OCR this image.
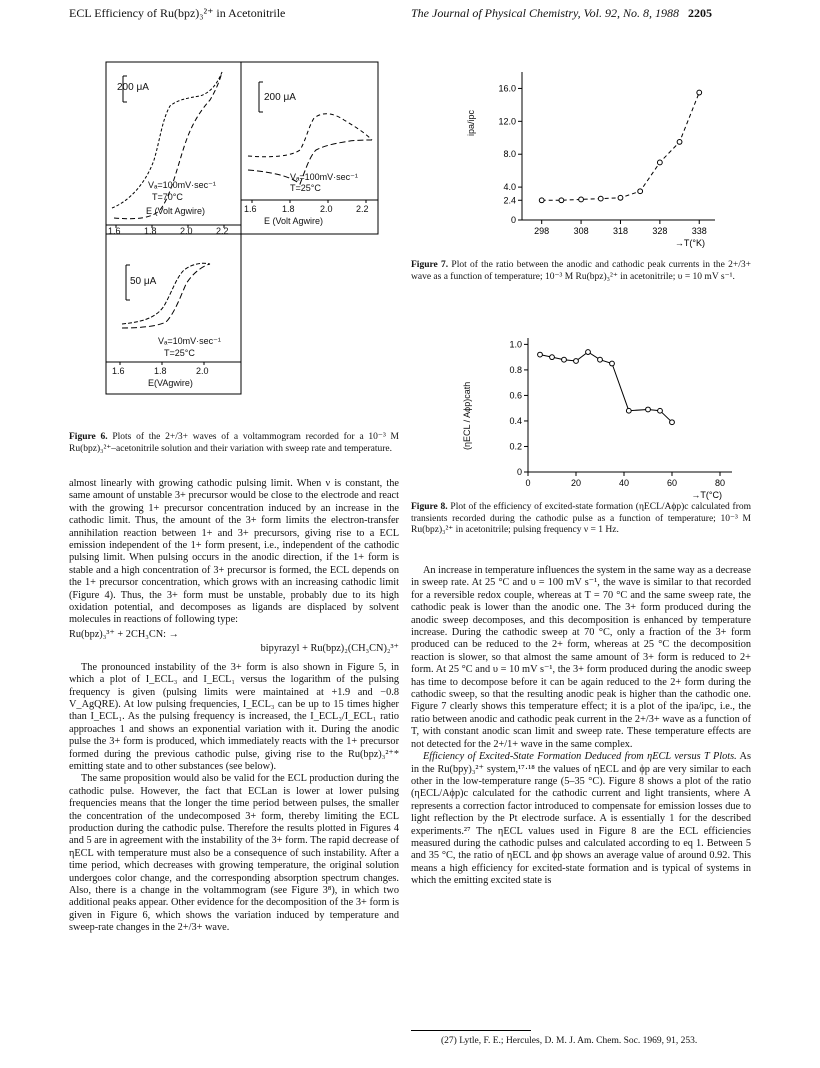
ECL Efficiency of Ru(bpz)₃²⁺ in Acetonitrile	The Journal of Physical Chemistry, Vol. 92, No. 8, 1988 2205
200 μA
Vₐ=100mV·sec⁻¹
T=70°C
E (Volt Agwire)
1.6	1.8	2.0	2.2
200 μA
Vₐ=100mV·sec⁻¹
T=25°C
1.6	1.8	2.0	2.2
E (Volt Agwire)
50 μA
Vₐ=10mV·sec⁻¹
T=25°C
1.6	1.8	2.0
E(VAgwire)
Figure 6. Plots of the 2+/3+ waves of a voltammogram recorded for a 10⁻³ M Ru(bpz)₃²⁺–acetonitrile solution and their variation with sweep rate and temperature.

almost linearly with growing cathodic pulsing limit. When ν is constant, the same amount of unstable 3+ precursor would be close to the electrode and react with the growing 1+ precursor concentration induced by an increase in the cathodic limit. Thus, the amount of the 3+ form limits the electron-transfer annihilation reaction between 1+ and 3+ precursors, giving rise to a ECL emission independent of the 1+ form present, i.e., independent of the cathodic pulsing limit. When pulsing occurs in the anodic direction, if the 1+ form is stable and a high concentration of 3+ precursor is formed, the ECL depends on the 1+ precursor concentration, which grows with an increasing cathodic limit (Figure 4). Thus, the 3+ form must be unstable, probably due to its high oxidation potential, and decomposes as ligands are displaced by solvent molecules in reactions of following type:

Ru(bpz)₃³⁺ + 2CH₃CN: →
bipyrazyl + Ru(bpz)₂(CH₃CN)₂³⁺

The pronounced instability of the 3+ form is also shown in Figure 5, in which a plot of I_ECL₃ and I_ECL₁ versus the logarithm of the pulsing frequency is given (pulsing limits were maintained at +1.9 and −0.8 V_AgQRE). At low pulsing frequencies, I_ECL₃ can be up to 15 times higher than I_ECL₁. As the pulsing frequency is increased, the I_ECL₃/I_ECL₁ ratio approaches 1 and shows an exponential variation with it. During the anodic pulse the 3+ form is produced, which immediately reacts with the 1+ precursor formed during the previous cathodic pulse, giving rise to the Ru(bpz)₃²⁺* emitting state and to other substances (see below).

The same proposition would also be valid for the ECL production during the cathodic pulse. However, the fact that ECLan is lower at lower pulsing frequencies means that the longer the time period between pulses, the smaller the concentration of the undecomposed 3+ form, thereby limiting the ECL production during the cathodic pulse. Therefore the results plotted in Figures 4 and 5 are in agreement with the instability of the 3+ form. The rapid decrease of ηECL with temperature must also be a consequence of such instability. After a time period, which decreases with growing temperature, the original solution undergoes color change, and the corresponding absorption spectrum changes. Also, there is a change in the voltammogram (see Figure 3⁸), in which two additional peaks appear. Other evidence for the decomposition of the 3+ form is given in Figure 6, which shows the variation induced by temperature and sweep-rate changes in the 2+/3+ wave.

298	308	318	328	338
0
2.4
4.0
8.0
12.0
16.0
→T(°K)
ipa/ipc
Figure 7. Plot of the ratio between the anodic and cathodic peak currents in the 2+/3+ wave as a function of temperature; 10⁻³ M Ru(bpz)₃²⁺ in acetonitrile; υ = 10 mV s⁻¹.
0	20	40	60	80
0
0.2
0.4
0.6
0.8
1.0
→T(°C)
(ηECL / Aϕp)cath
Figure 8. Plot of the efficiency of excited-state formation (ηECL/Aϕp)c calculated from transients recorded during the cathodic pulse as a function of temperature; 10⁻³ M Ru(bpz)₃²⁺ in acetonitrile; pulsing frequency ν = 1 Hz.

An increase in temperature influences the system in the same way as a decrease in sweep rate. At 25 °C and υ = 100 mV s⁻¹, the wave is similar to that recorded for a reversible redox couple, whereas at T = 70 °C and the same sweep rate, the cathodic peak is lower than the anodic one. The 3+ form produced during the anodic sweep decomposes, and this decomposition is enhanced by temperature increase. During the cathodic sweep at 70 °C, only a fraction of the 3+ form produced can be reduced to the 2+ form, whereas at 25 °C the decomposition reaction is slower, so that almost the same amount of 3+ form is reduced to 2+ form. At 25 °C and υ = 10 mV s⁻¹, the 3+ form produced during the anodic sweep has time to decompose before it can be again reduced to the 2+ form during the cathodic sweep, so that the resulting anodic peak is higher than the cathodic one. Figure 7 clearly shows this temperature effect; it is a plot of the ipa/ipc, i.e., the ratio between anodic and cathodic peak current in the 2+/3+ wave as a function of T, with constant anodic scan limit and sweep rate. These temperature effects are not detected for the 2+/1+ wave in the same complex.

Efficiency of Excited-State Formation Deduced from ηECL versus T Plots. As in the Ru(bpy)₃²⁺ system,¹⁷·¹⁸ the values of ηECL and ϕp are very similar to each other in the low-temperature range (5–35 °C). Figure 8 shows a plot of the ratio (ηECL/Aϕp)c calculated for the cathodic current and light transients, where A represents a correction factor introduced to compensate for emission losses due to light reflection by the Pt electrode surface. A is essentially 1 for the described experiments.²⁷ The ηECL values used in Figure 8 are the ECL efficiencies measured during the cathodic pulses and calculated according to eq 1. Between 5 and 35 °C, the ratio of ηECL and ϕp shows an average value of around 0.92. This means a high efficiency for excited-state formation and is typical of systems in which the emitting excited state is

(27) Lytle, F. E.; Hercules, D. M. J. Am. Chem. Soc. 1969, 91, 253.
